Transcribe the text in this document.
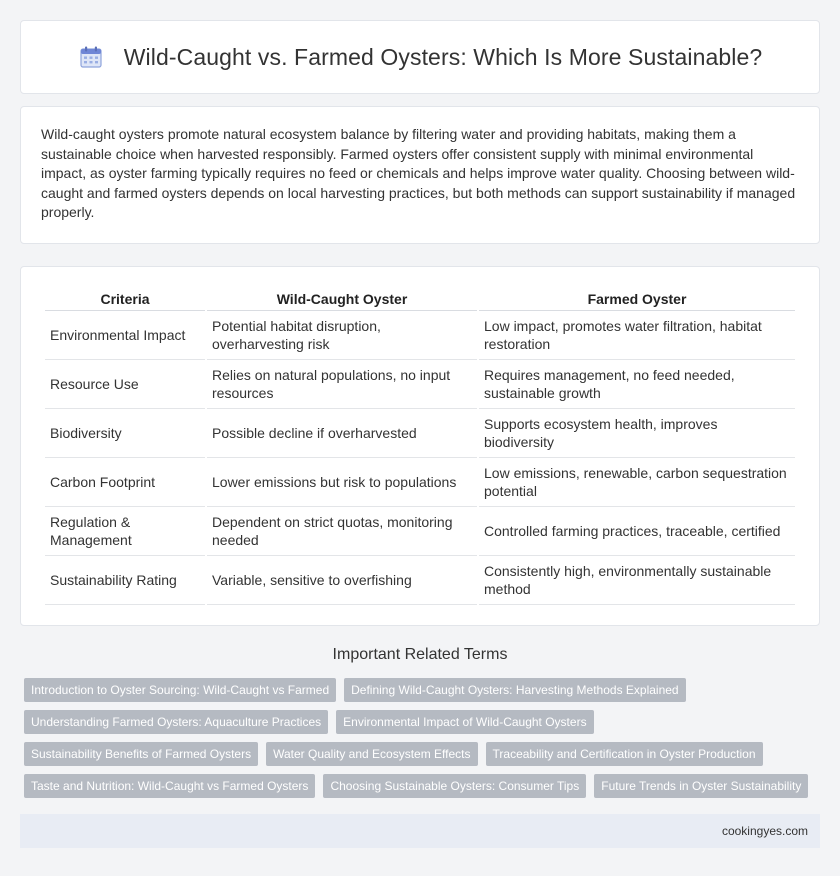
Wild-Caught vs. Farmed Oysters: Which Is More Sustainable?

Wild-caught oysters promote natural ecosystem balance by filtering water and providing habitats, making them a sustainable choice when harvested responsibly. Farmed oysters offer consistent supply with minimal environmental impact, as oyster farming typically requires no feed or chemicals and helps improve water quality. Choosing between wild-caught and farmed oysters depends on local harvesting practices, but both methods can support sustainability if managed properly.

Criteria	Wild-Caught Oyster	Farmed Oyster
Environmental Impact	Potential habitat disruption, overharvesting risk	Low impact, promotes water filtration, habitat restoration
Resource Use	Relies on natural populations, no input resources	Requires management, no feed needed, sustainable growth
Biodiversity	Possible decline if overharvested	Supports ecosystem health, improves biodiversity
Carbon Footprint	Lower emissions but risk to populations	Low emissions, renewable, carbon sequestration potential
Regulation & Management	Dependent on strict quotas, monitoring needed	Controlled farming practices, traceable, certified
Sustainability Rating	Variable, sensitive to overfishing	Consistently high, environmentally sustainable method
Important Related Terms
Introduction to Oyster Sourcing: Wild-Caught vs Farmed	Defining Wild-Caught Oysters: Harvesting Methods Explained
Understanding Farmed Oysters: Aquaculture Practices	Environmental Impact of Wild-Caught Oysters
Sustainability Benefits of Farmed Oysters	Water Quality and Ecosystem Effects	Traceability and Certification in Oyster Production
Taste and Nutrition: Wild-Caught vs Farmed Oysters	Choosing Sustainable Oysters: Consumer Tips	Future Trends in Oyster Sustainability
cookingyes.com
